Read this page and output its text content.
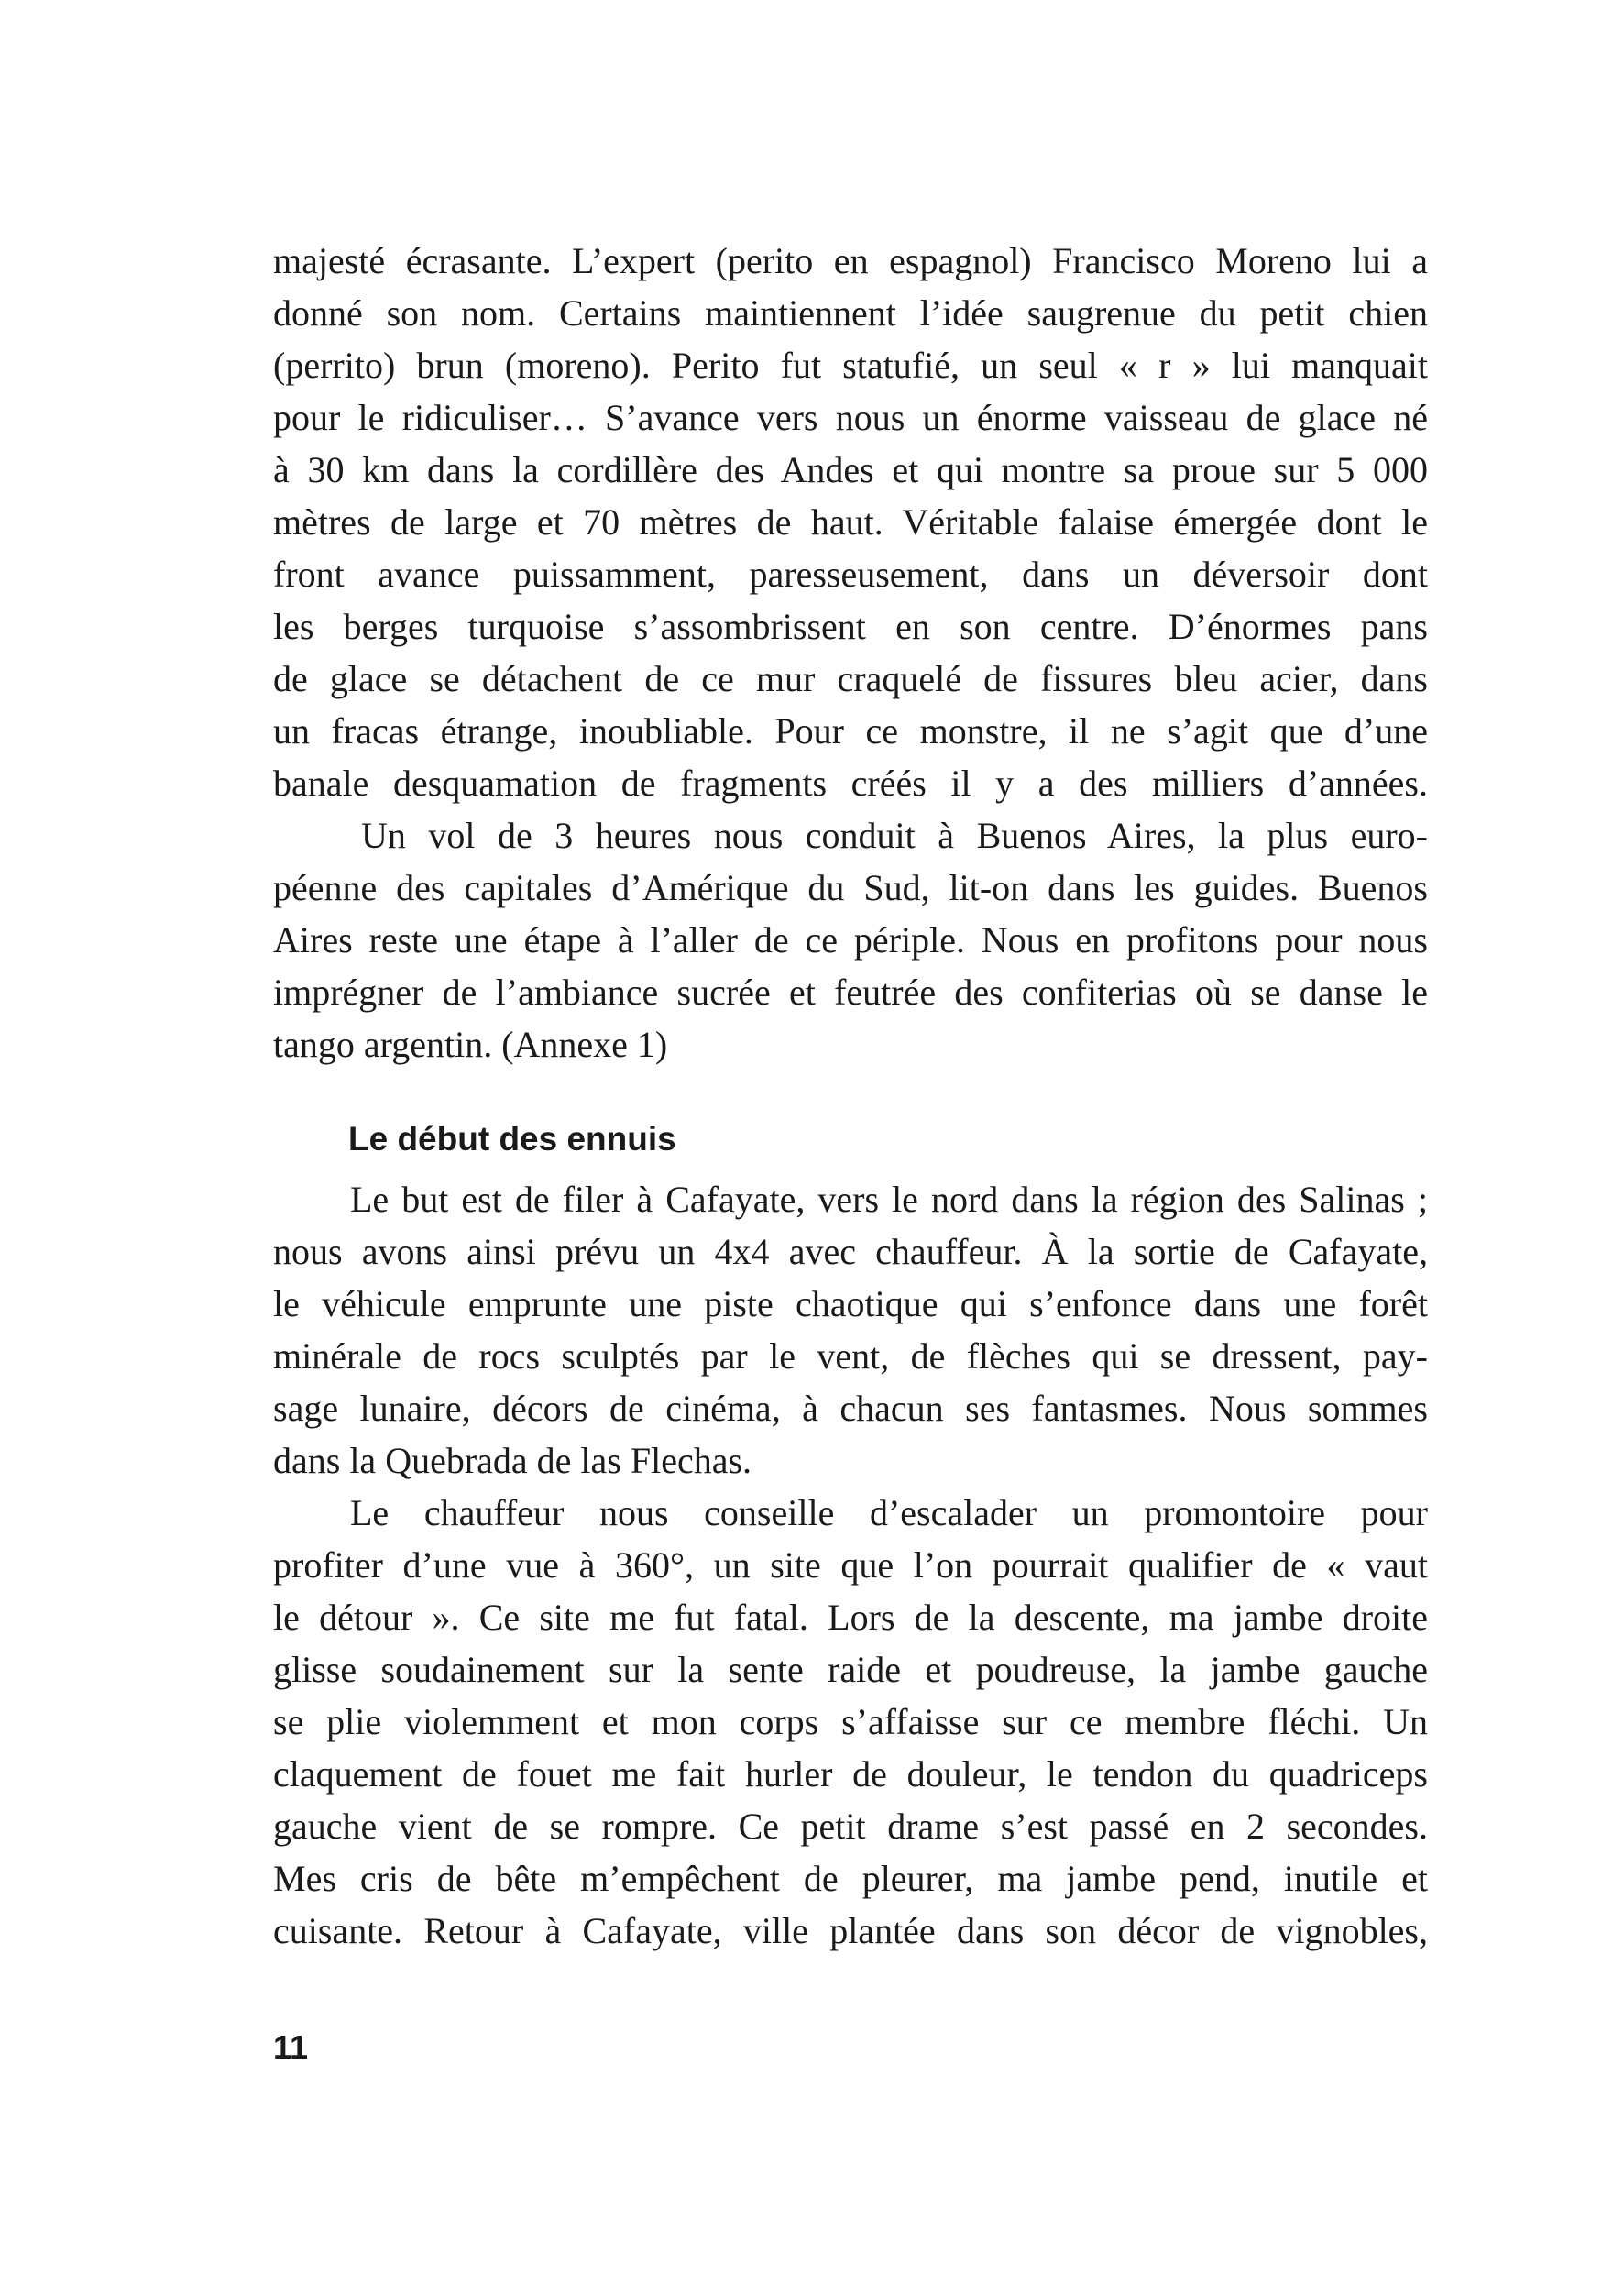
majesté écrasante. L’expert (perito en espagnol) Francisco Moreno lui a
donné son nom. Certains maintiennent l’idée saugrenue du petit chien
(perrito) brun (moreno). Perito fut statufié, un seul « r » lui manquait
pour le ridiculiser… S’avance vers nous un énorme vaisseau de glace né
à 30 km dans la cordillère des Andes et qui montre sa proue sur 5 000
mètres de large et 70 mètres de haut. Véritable falaise émergée dont le
front avance puissamment, paresseusement, dans un déversoir dont
les berges turquoise s’assombrissent en son centre. D’énormes pans
de glace se détachent de ce mur craquelé de fissures bleu acier, dans
un fracas étrange, inoubliable. Pour ce monstre, il ne s’agit que d’une
banale desquamation de fragments créés il y a des milliers d’années.
Un vol de 3 heures nous conduit à Buenos Aires, la plus euro-
péenne des capitales d’Amérique du Sud, lit-on dans les guides. Buenos
Aires reste une étape à l’aller de ce périple. Nous en profitons pour nous
imprégner de l’ambiance sucrée et feutrée des confiterias où se danse le
tango argentin. (Annexe 1)
Le début des ennuis
Le but est de filer à Cafayate, vers le nord dans la région des Salinas ;
nous avons ainsi prévu un 4x4 avec chauffeur. À la sortie de Cafayate,
le véhicule emprunte une piste chaotique qui s’enfonce dans une forêt
minérale de rocs sculptés par le vent, de flèches qui se dressent, pay-
sage lunaire, décors de cinéma, à chacun ses fantasmes. Nous sommes
dans la Quebrada de las Flechas.
Le chauffeur nous conseille d’escalader un promontoire pour
profiter d’une vue à 360°, un site que l’on pourrait qualifier de « vaut
le détour ». Ce site me fut fatal. Lors de la descente, ma jambe droite
glisse soudainement sur la sente raide et poudreuse, la jambe gauche
se plie violemment et mon corps s’affaisse sur ce membre fléchi. Un
claquement de fouet me fait hurler de douleur, le tendon du quadriceps
gauche vient de se rompre. Ce petit drame s’est passé en 2 secondes.
Mes cris de bête m’empêchent de pleurer, ma jambe pend, inutile et
cuisante. Retour à Cafayate, ville plantée dans son décor de vignobles,
11
